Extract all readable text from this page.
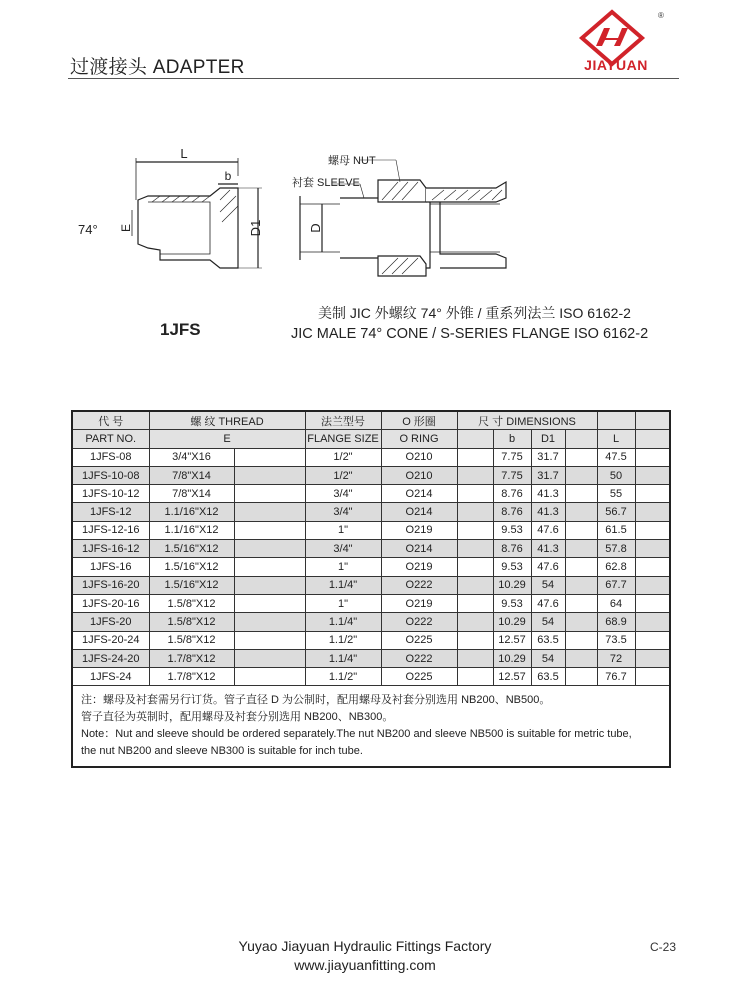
过渡接头 ADAPTER
®
JIAYUAN
L
b
D1
E
74°
螺母 NUT
衬套 SLEEVE
D
1JFS
美制 JIC 外螺纹 74° 外锥 / 重系列法兰 ISO 6162-2
JIC MALE 74° CONE / S-SERIES FLANGE ISO 6162-2
代 号	螺 纹 THREAD		法兰型号	O 形圈	尺 寸 DIMENSIONS					
PART NO.	E		FLANGE SIZE	O RING		b	D1		L	
1JFS-08	3/4"X16		1/2"	O210		7.75	31.7		47.5	
1JFS-10-08	7/8"X14		1/2"	O210		7.75	31.7		50	
1JFS-10-12	7/8"X14		3/4"	O214		8.76	41.3		55	
1JFS-12	1.1/16"X12		3/4"	O214		8.76	41.3		56.7	
1JFS-12-16	1.1/16"X12		1"	O219		9.53	47.6		61.5	
1JFS-16-12	1.5/16"X12		3/4"	O214		8.76	41.3		57.8	
1JFS-16	1.5/16"X12		1"	O219		9.53	47.6		62.8	
1JFS-16-20	1.5/16"X12		1.1/4"	O222		10.29	54		67.7	
1JFS-20-16	1.5/8"X12		1"	O219		9.53	47.6		64	
1JFS-20	1.5/8"X12		1.1/4"	O222		10.29	54		68.9	
1JFS-20-24	1.5/8"X12		1.1/2"	O225		12.57	63.5		73.5	
1JFS-24-20	1.7/8"X12		1.1/4"	O222		10.29	54		72	
1JFS-24	1.7/8"X12		1.1/2"	O225		12.57	63.5		76.7	

注：螺母及衬套需另行订货。管子直径 D 为公制时，配用螺母及衬套分别选用 NB200、NB500。
管子直径为英制时，配用螺母及衬套分别选用 NB200、NB300。
Note：Nut and sleeve should be ordered separately.The nut NB200 and sleeve NB500 is suitable for metric tube,
the nut NB200 and sleeve NB300 is suitable for inch tube.										
Yuyao Jiayuan Hydraulic Fittings Factory
www.jiayuanfitting.com
C-23
